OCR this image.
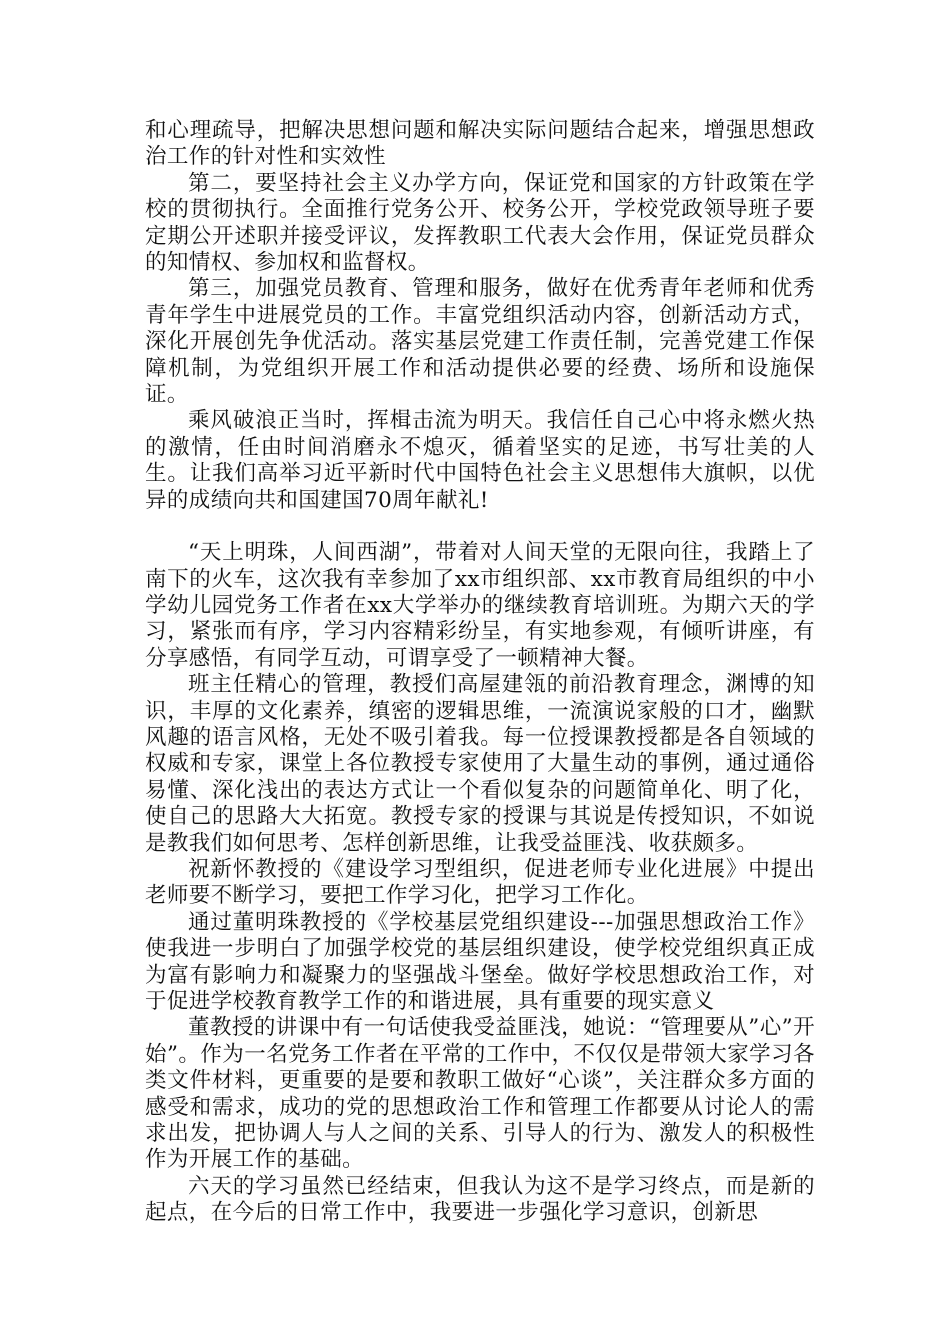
和心理疏导，把解决思想问题和解决实际问题结合起来，增强思想政治工作的针对性和实效性

第二，要坚持社会主义办学方向，保证党和国家的方针政策在学校的贯彻执行。全面推行党务公开、校务公开，学校党政领导班子要定期公开述职并接受评议，发挥教职工代表大会作用，保证党员群众的知情权、参加权和监督权。

第三，加强党员教育、管理和服务，做好在优秀青年老师和优秀青年学生中进展党员的工作。丰富党组织活动内容，创新活动方式，深化开展创先争优活动。落实基层党建工作责任制，完善党建工作保障机制，为党组织开展工作和活动提供必要的经费、场所和设施保证。

乘风破浪正当时，挥楫击流为明天。我信任自己心中将永燃火热的激情，任由时间消磨永不熄灭，循着坚实的足迹，书写壮美的人生。让我们高举习近平新时代中国特色社会主义思想伟大旗帜，以优异的成绩向共和国建国70周年献礼!

“天上明珠，人间西湖”，带着对人间天堂的无限向往，我踏上了南下的火车，这次我有幸参加了xx市组织部、xx市教育局组织的中小学幼儿园党务工作者在xx大学举办的继续教育培训班。为期六天的学习，紧张而有序，学习内容精彩纷呈，有实地参观，有倾听讲座，有分享感悟，有同学互动，可谓享受了一顿精神大餐。

班主任精心的管理，教授们高屋建瓴的前沿教育理念，渊博的知识，丰厚的文化素养，缜密的逻辑思维，一流演说家般的口才，幽默风趣的语言风格，无处不吸引着我。每一位授课教授都是各自领域的权威和专家，课堂上各位教授专家使用了大量生动的事例，通过通俗易懂、深化浅出的表达方式让一个看似复杂的问题简单化、明了化，使自己的思路大大拓宽。教授专家的授课与其说是传授知识，不如说是教我们如何思考、怎样创新思维，让我受益匪浅、收获颇多。

祝新怀教授的《建设学习型组织，促进老师专业化进展》中提出老师要不断学习，要把工作学习化，把学习工作化。

通过董明珠教授的《学校基层党组织建设---加强思想政治工作》使我进一步明白了加强学校党的基层组织建设，使学校党组织真正成为富有影响力和凝聚力的坚强战斗堡垒。做好学校思想政治工作，对于促进学校教育教学工作的和谐进展，具有重要的现实意义

董教授的讲课中有一句话使我受益匪浅，她说：“管理要从”心”开始”。作为一名党务工作者在平常的工作中，不仅仅是带领大家学习各类文件材料，更重要的是要和教职工做好“心谈”，关注群众多方面的感受和需求，成功的党的思想政治工作和管理工作都要从讨论人的需求出发，把协调人与人之间的关系、引导人的行为、激发人的积极性作为开展工作的基础。

六天的学习虽然已经结束，但我认为这不是学习终点，而是新的起点，在今后的日常工作中，我要进一步强化学习意识，创新思
